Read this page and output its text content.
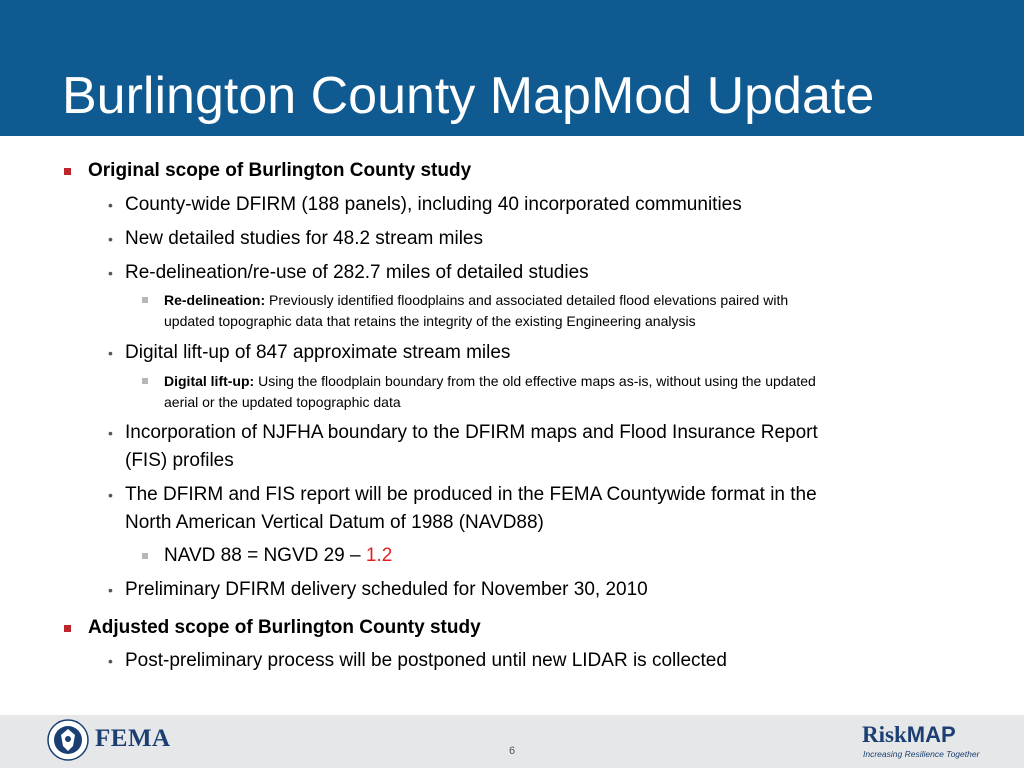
Burlington County MapMod Update

Original scope of Burlington County study

• County-wide DFIRM (188 panels), including 40 incorporated communities

• New detailed studies for 48.2 stream miles

• Re-delineation/re-use of 282.7 miles of detailed studies

Re-delineation: Previously identified floodplains and associated detailed flood elevations paired with

updated topographic data that retains the integrity of the existing Engineering analysis

• Digital lift-up of 847 approximate stream miles

Digital lift-up: Using the floodplain boundary from the old effective maps as-is, without using the updated

aerial or the updated topographic data

• Incorporation of NJFHA boundary to the DFIRM maps and Flood Insurance Report

(FIS) profiles

• The DFIRM and FIS report will be produced in the FEMA Countywide format in the

North American Vertical Datum of 1988 (NAVD88)

NAVD 88 = NGVD 29 – 1.2

• Preliminary DFIRM delivery scheduled for November 30, 2010

Adjusted scope of Burlington County study

• Post-preliminary process will be postponed until new LIDAR is collected

FEMA	6
RiskMAP
Increasing Resilience Together
